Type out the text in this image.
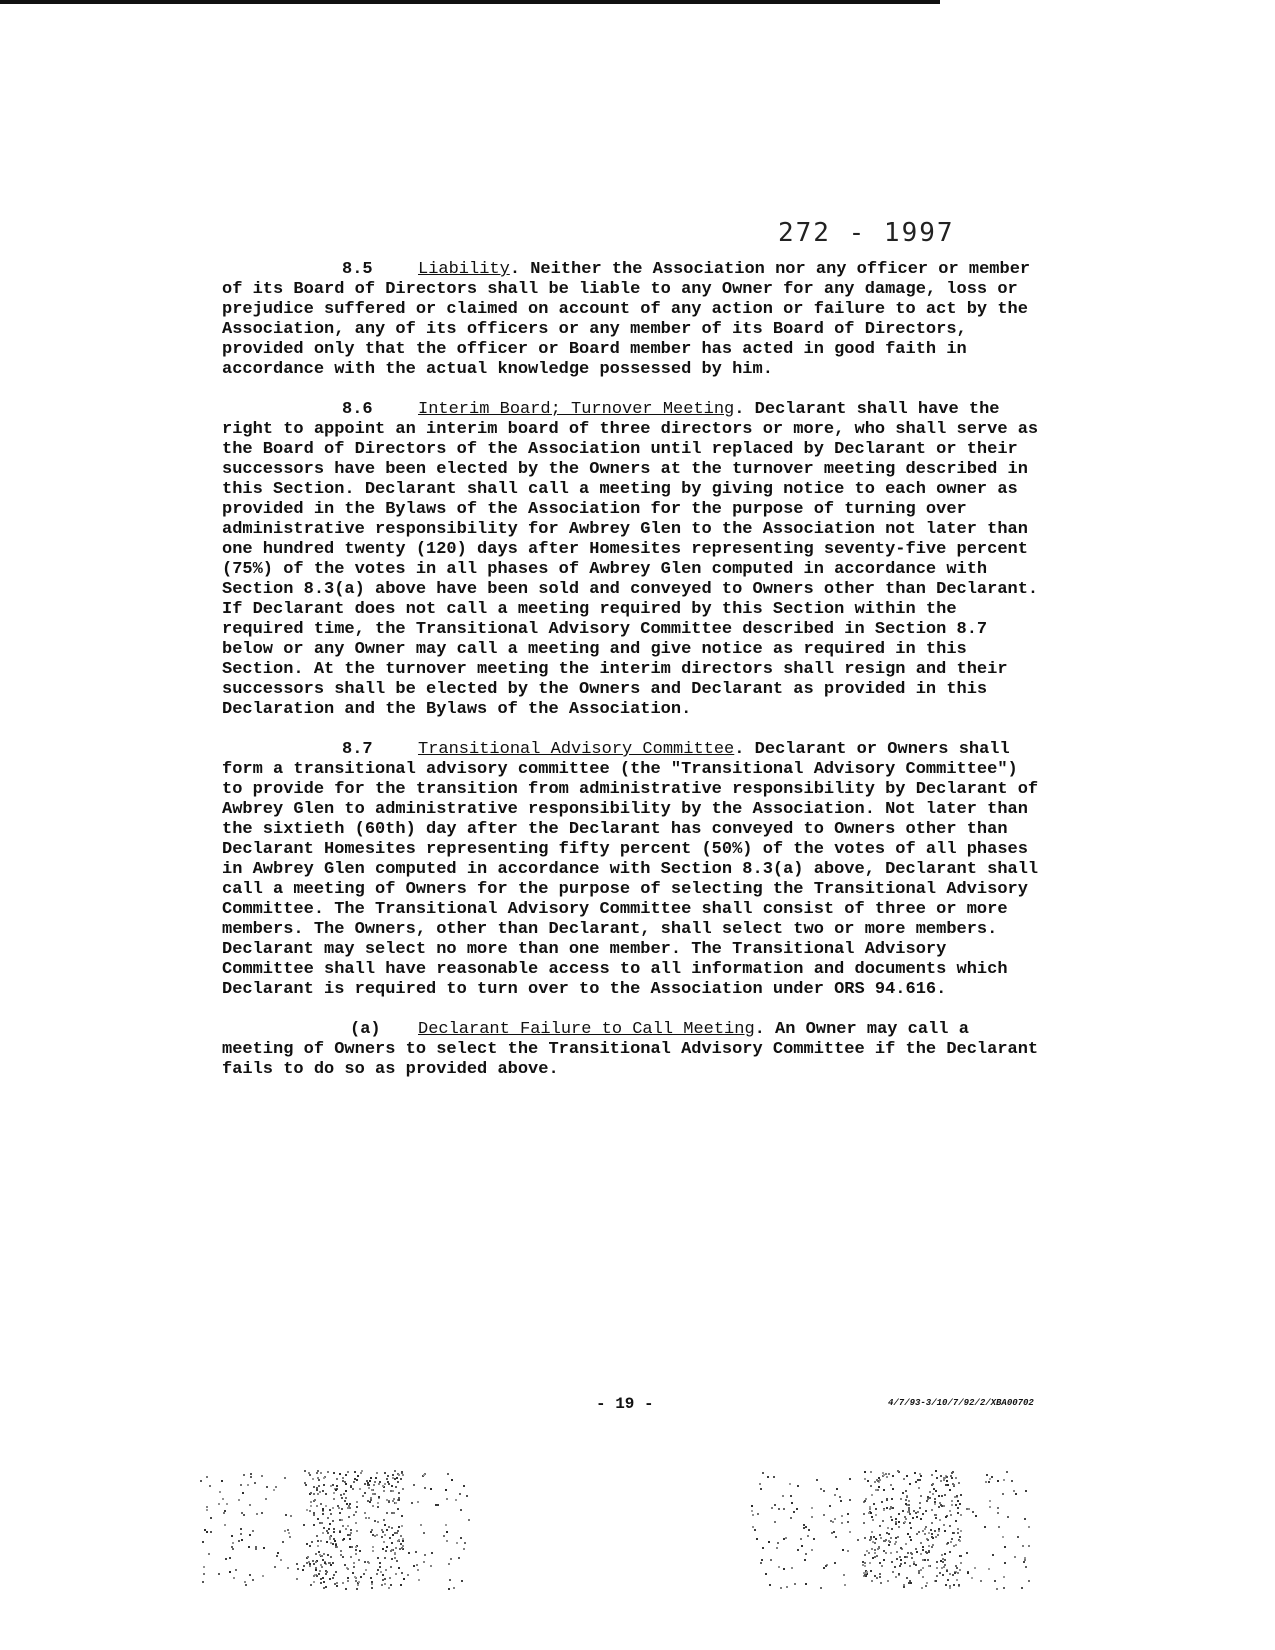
272 - 1997

8.5	Liability. Neither the Association nor any officer or member of its Board of Directors shall be liable to any Owner for any damage, loss or prejudice suffered or claimed on account of any action or failure to act by the Association, any of its officers or any member of its Board of Directors, provided only that the officer or Board member has acted in good faith in accordance with the actual knowledge possessed by him.

8.6	Interim Board; Turnover Meeting. Declarant shall have the right to appoint an interim board of three directors or more, who shall serve as the Board of Directors of the Association until replaced by Declarant or their successors have been elected by the Owners at the turnover meeting described in this Section. Declarant shall call a meeting by giving notice to each owner as provided in the Bylaws of the Association for the purpose of turning over administrative responsibility for Awbrey Glen to the Association not later than one hundred twenty (120) days after Homesites representing seventy-five percent (75%) of the votes in all phases of Awbrey Glen computed in accordance with Section 8.3(a) above have been sold and conveyed to Owners other than Declarant. If Declarant does not call a meeting required by this Section within the required time, the Transitional Advisory Committee described in Section 8.7 below or any Owner may call a meeting and give notice as required in this Section. At the turnover meeting the interim directors shall resign and their successors shall be elected by the Owners and Declarant as provided in this Declaration and the Bylaws of the Association.

8.7	Transitional Advisory Committee. Declarant or Owners shall form a transitional advisory committee (the "Transitional Advisory Committee") to provide for the transition from administrative responsibility by Declarant of Awbrey Glen to administrative responsibility by the Association. Not later than the sixtieth (60th) day after the Declarant has conveyed to Owners other than Declarant Homesites representing fifty percent (50%) of the votes of all phases in Awbrey Glen computed in accordance with Section 8.3(a) above, Declarant shall call a meeting of Owners for the purpose of selecting the Transitional Advisory Committee. The Transitional Advisory Committee shall consist of three or more members. The Owners, other than Declarant, shall select two or more members. Declarant may select no more than one member. The Transitional Advisory Committee shall have reasonable access to all information and documents which Declarant is required to turn over to the Association under ORS 94.616.

(a) Declarant Failure to Call Meeting. An Owner may call a meeting of Owners to select the Transitional Advisory Committee if the Declarant fails to do so as provided above.

- 19 -	4/7/93-3/10/7/92/2/XBA00702
